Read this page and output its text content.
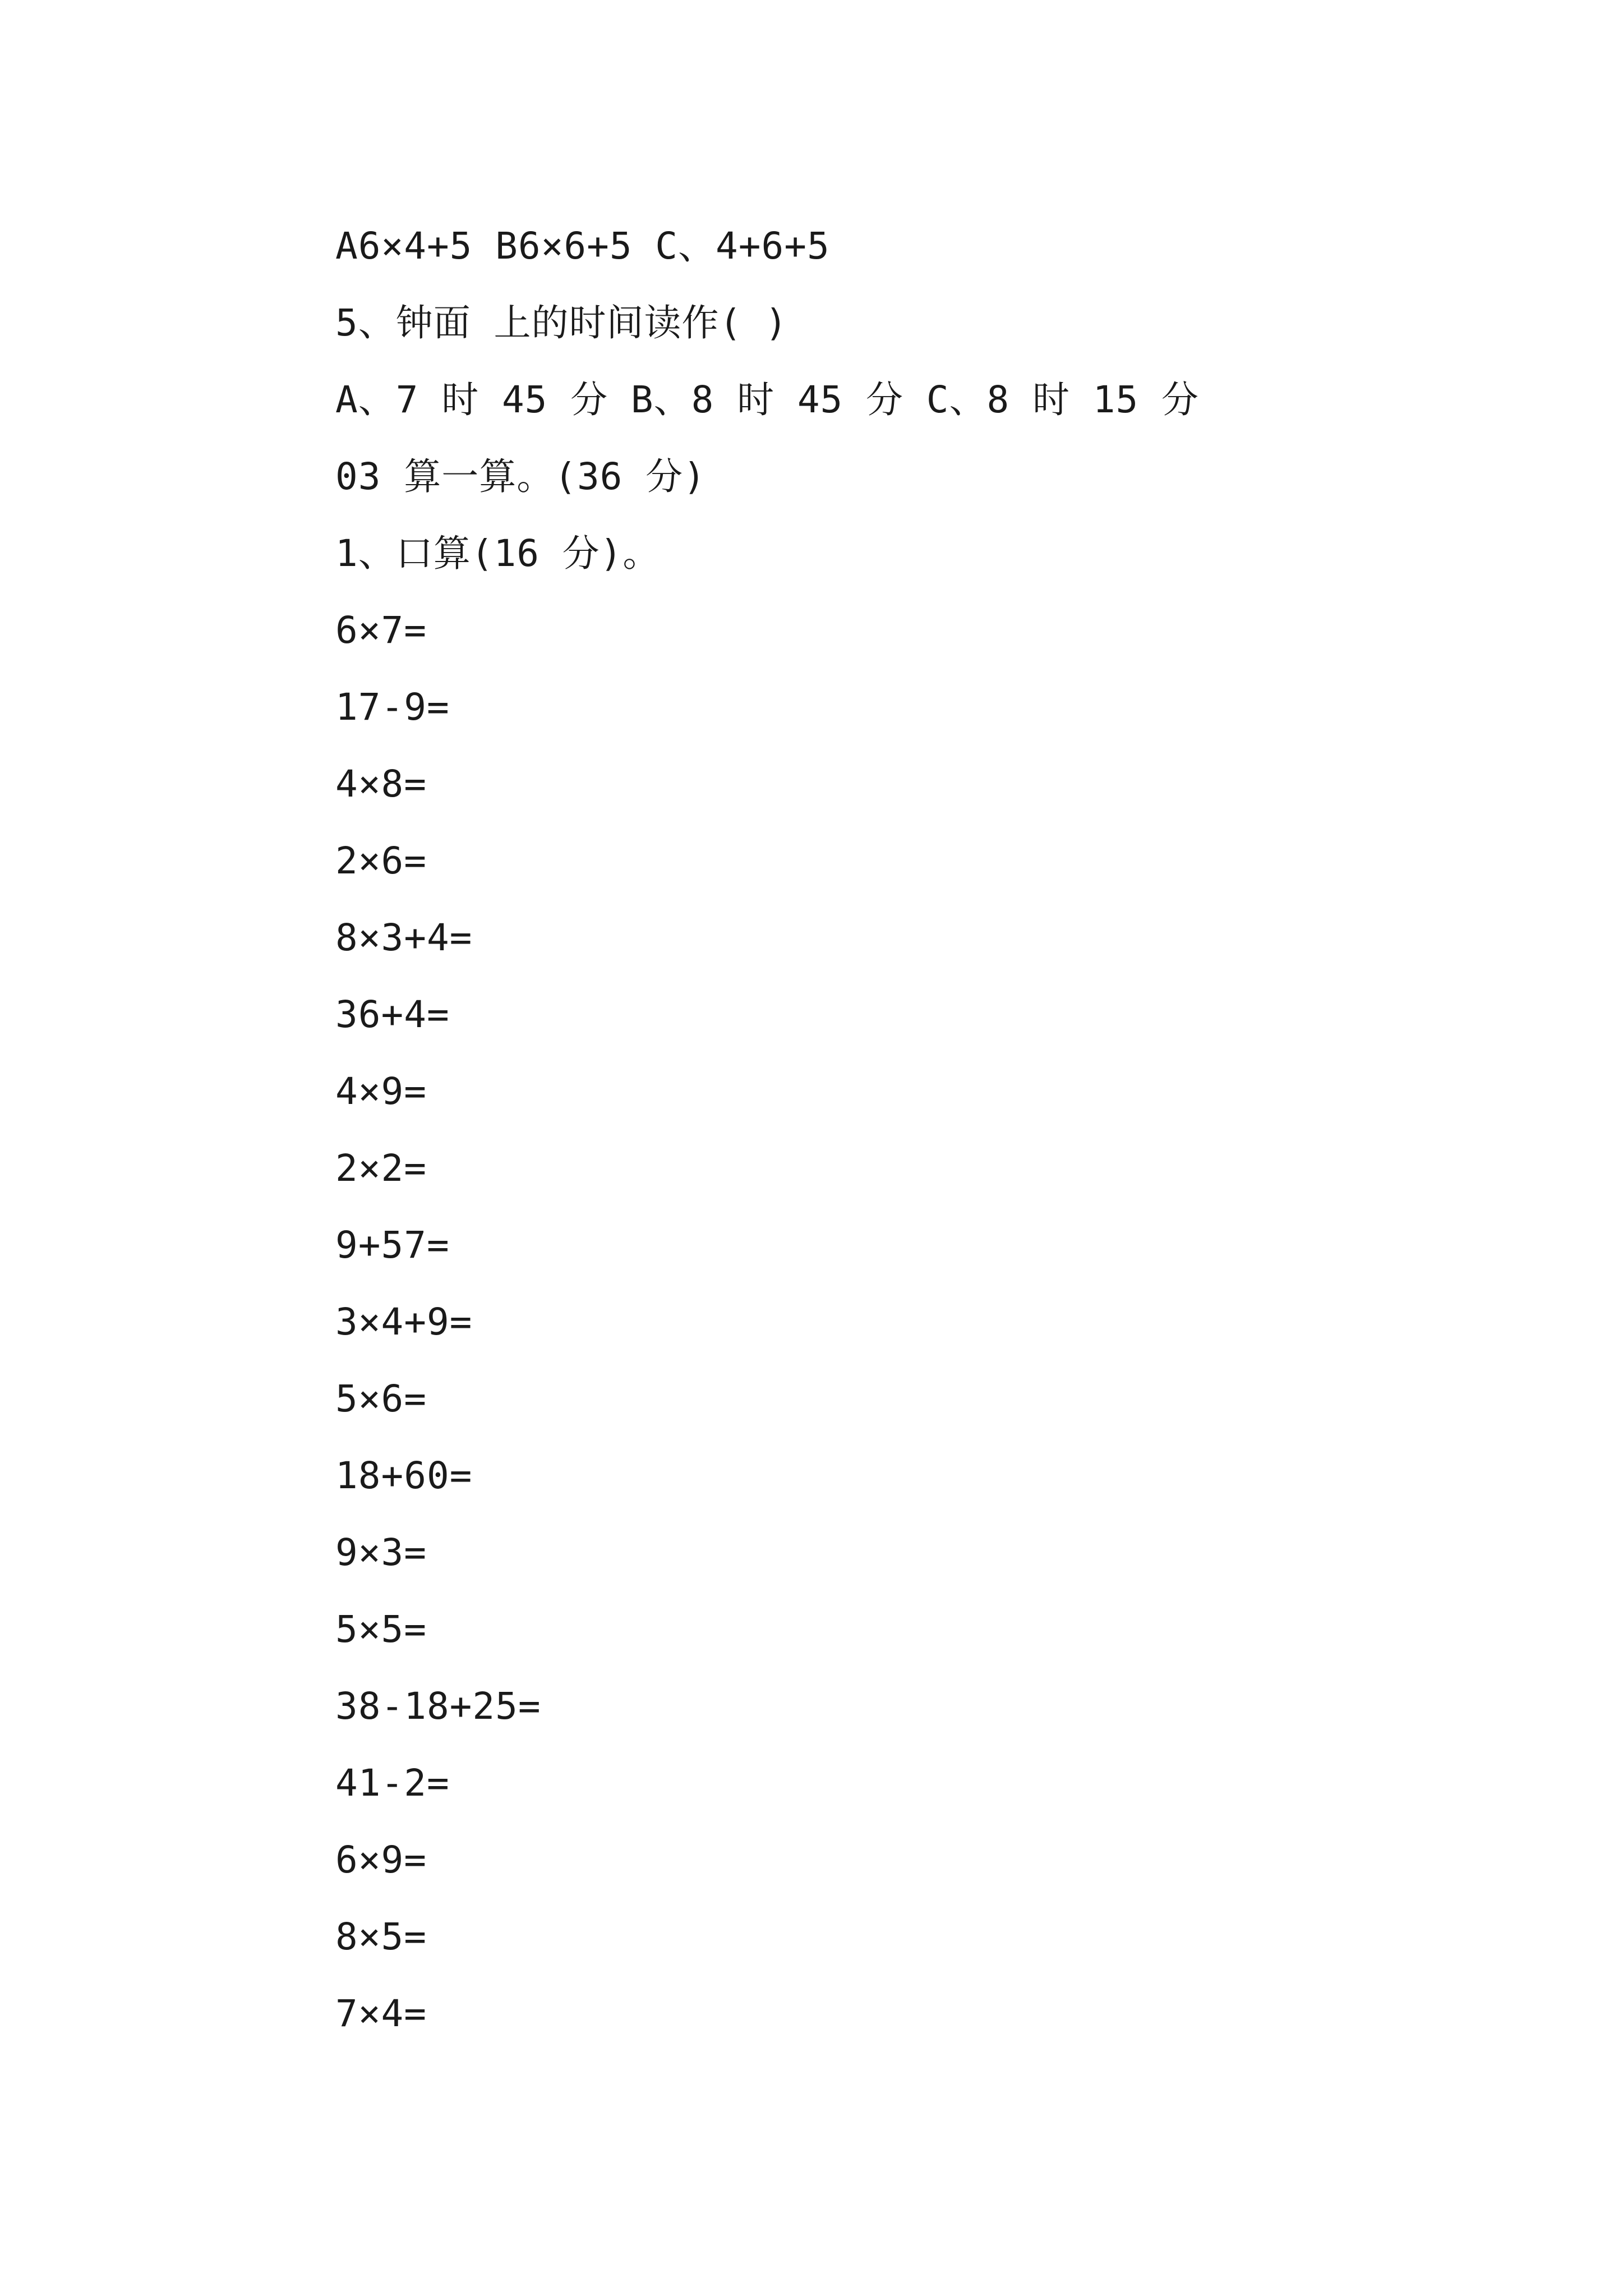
A6×4+5 B6×6+5 C、4+6+5
5、钟面 上的时间读作( )
A、7 时 45 分 B、8 时 45 分 C、8 时 15 分
03 算一算。(36 分)
1、口算(16 分)。
6×7=
17-9=
4×8=
2×6=
8×3+4=
36+4=
4×9=
2×2=
9+57=
3×4+9=
5×6=
18+60=
9×3=
5×5=
38-18+25=
41-2=
6×9=
8×5=
7×4=
